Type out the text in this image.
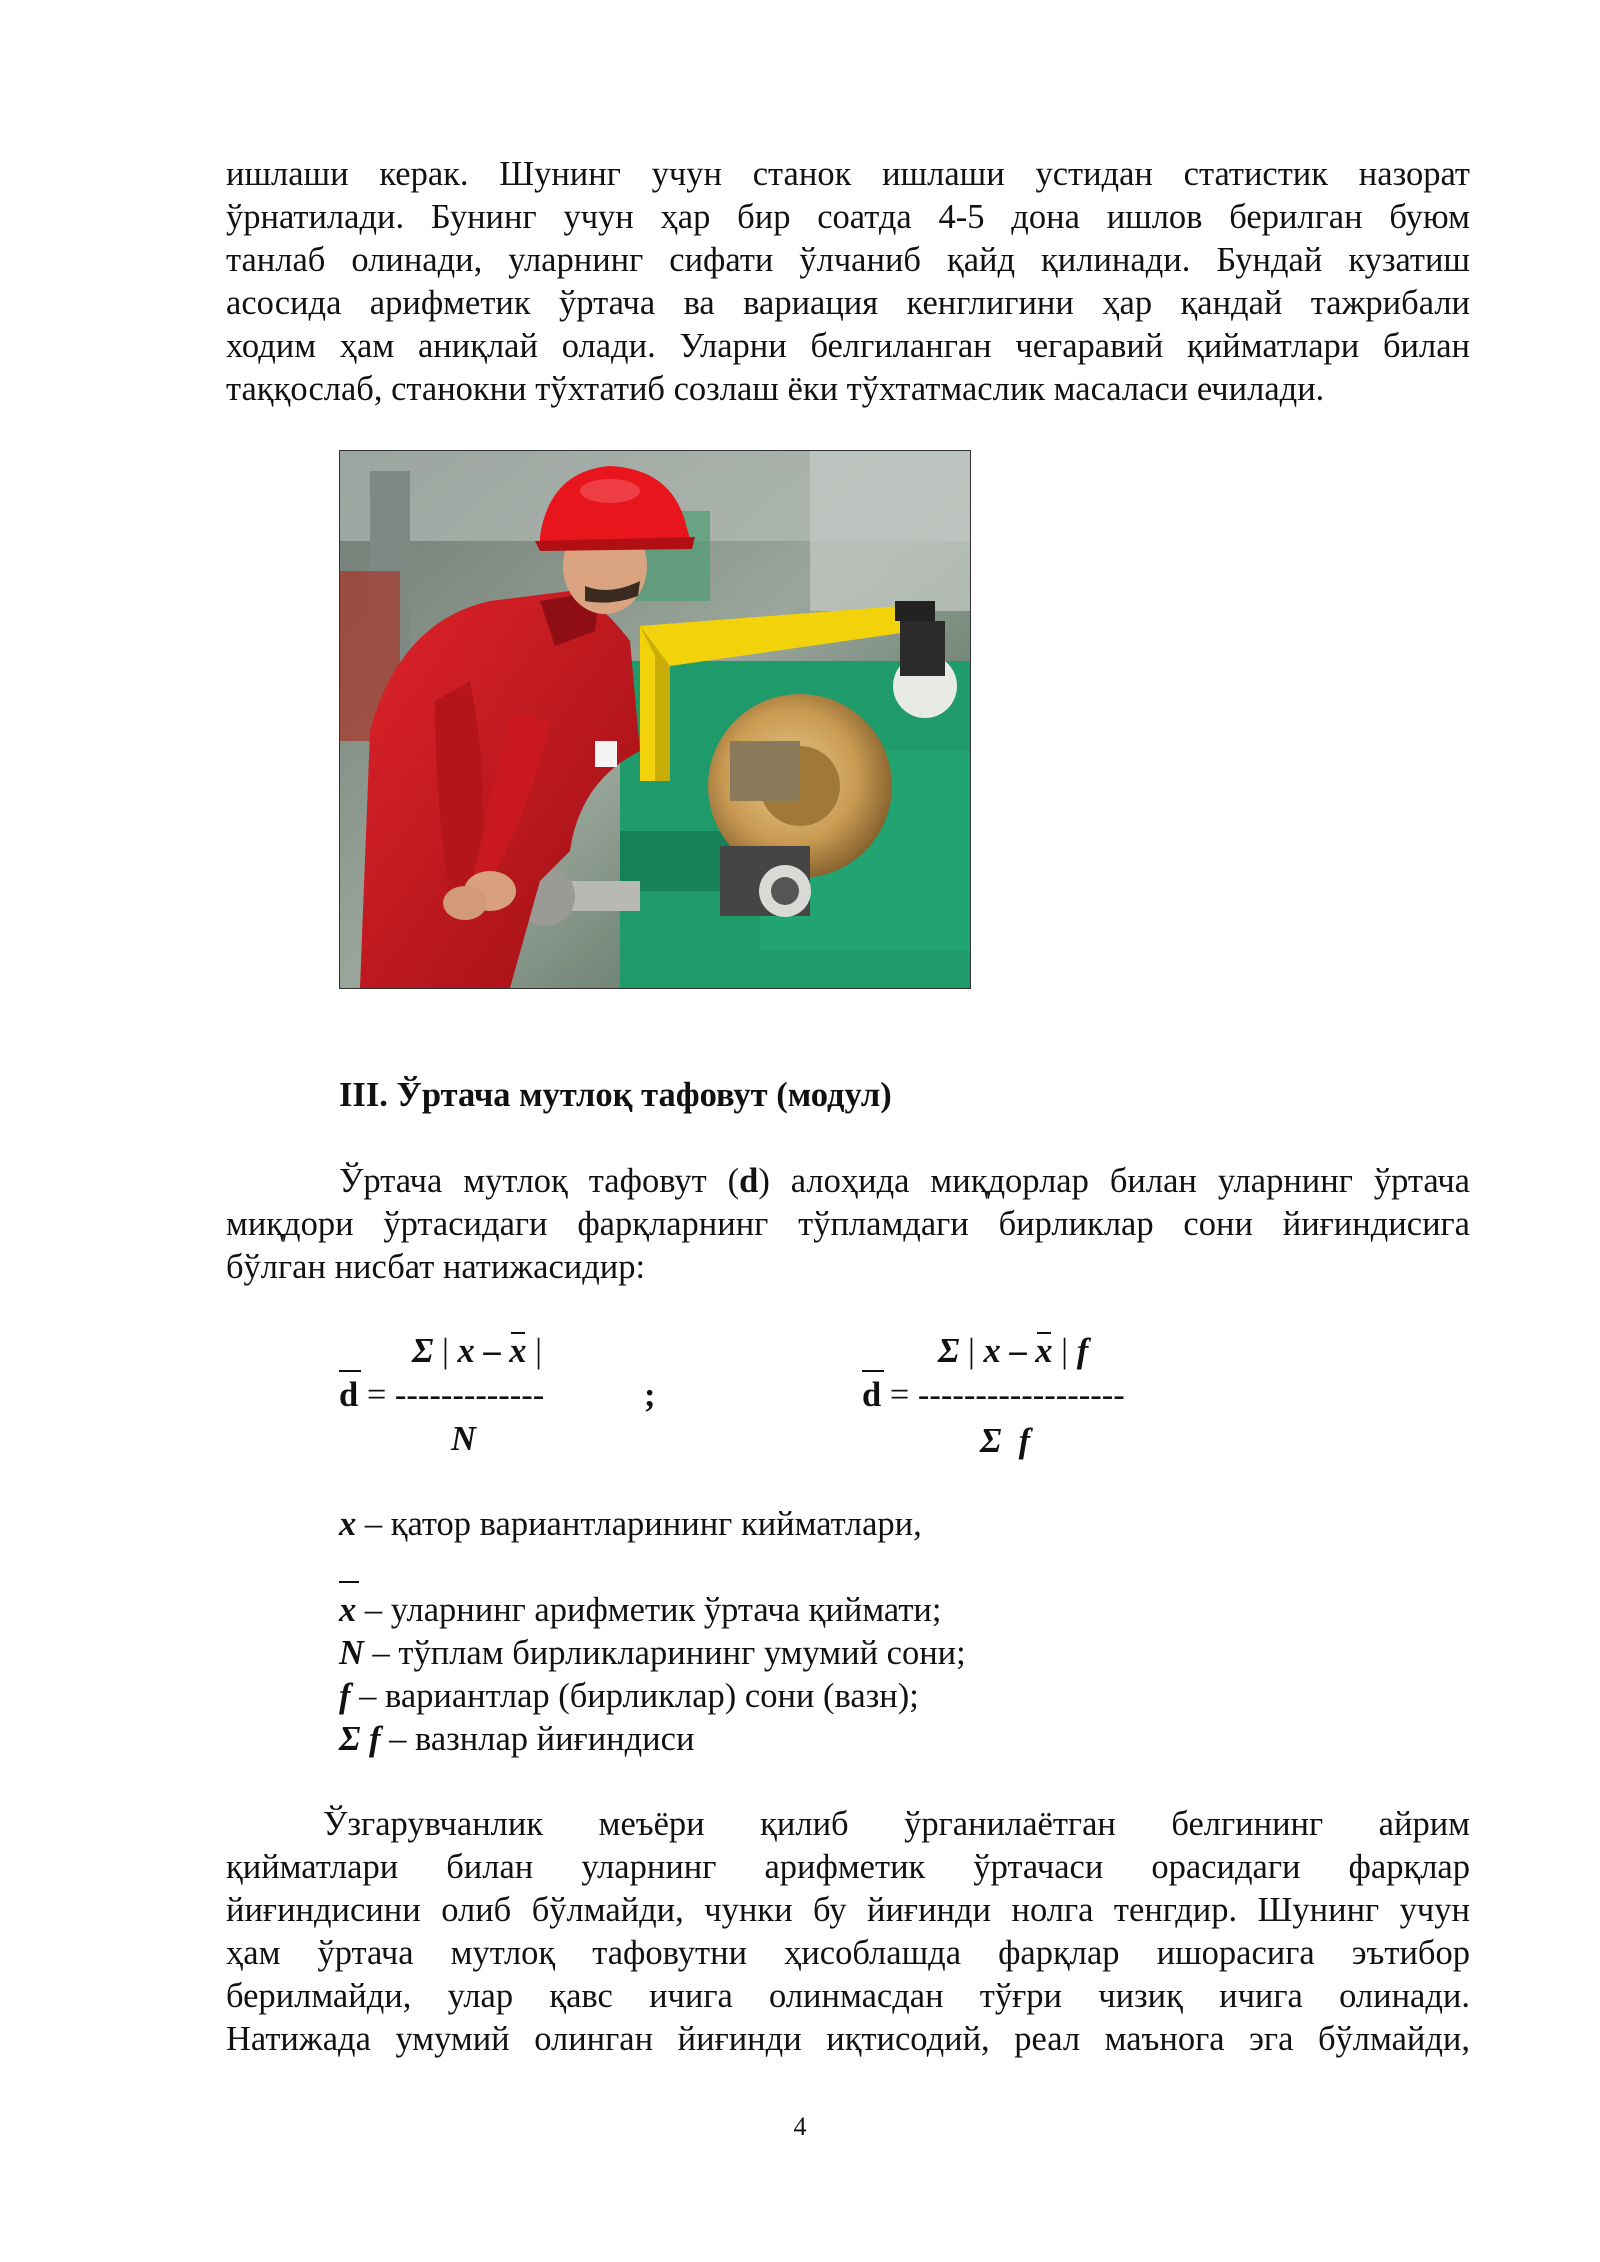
ишлаши керак. Шунинг учун станок ишлаши устидан статистик назорат
ўрнатилади. Бунинг учун ҳар бир соатда 4-5 дона ишлов берилган буюм
танлаб олинади, уларнинг сифати ўлчаниб қайд қилинади. Бундай кузатиш
асосида арифметик ўртача ва вариация кенглигини ҳар қандай тажрибали
ходим ҳам аниқлай олади. Уларни белгиланган чегаравий қийматлари билан
таққослаб, станокни тўхтатиб созлаш ёки тўхтатмаслик масаласи ечилади.
III. Ўртача мутлоқ тафовут (модул)
Ўртача мутлоқ тафовут (d) алоҳида миқдорлар билан уларнинг ўртача
миқдори ўртасидаги фарқларнинг тўпламдаги бирликлар сони йиғиндисига
бўлган нисбат натижасидир:
Σ | x – x |
d = -------------	;
N
Σ | x – x | f
d = ------------------
Σ f
x – қатор вариантларининг кийматлари,
x – уларнинг арифметик ўртача қиймати;
N – тўплам бирликларининг умумий сони;
f – вариантлар (бирликлар) сони (вазн);
Σ f – вазнлар йиғиндиси
Ўзгарувчанлик меъёри қилиб ўрганилаётган белгининг айрим
қийматлари билан уларнинг арифметик ўртачаси орасидаги фарқлар
йиғиндисини олиб бўлмайди, чунки бу йиғинди нолга тенгдир. Шунинг учун
ҳам ўртача мутлоқ тафовутни ҳисоблашда фарқлар ишорасига эътибор
берилмайди, улар қавс ичига олинмасдан тўғри чизиқ ичига олинади.
Натижада умумий олинган йиғинди иқтисодий, реал маънога эга бўлмайди,
4
